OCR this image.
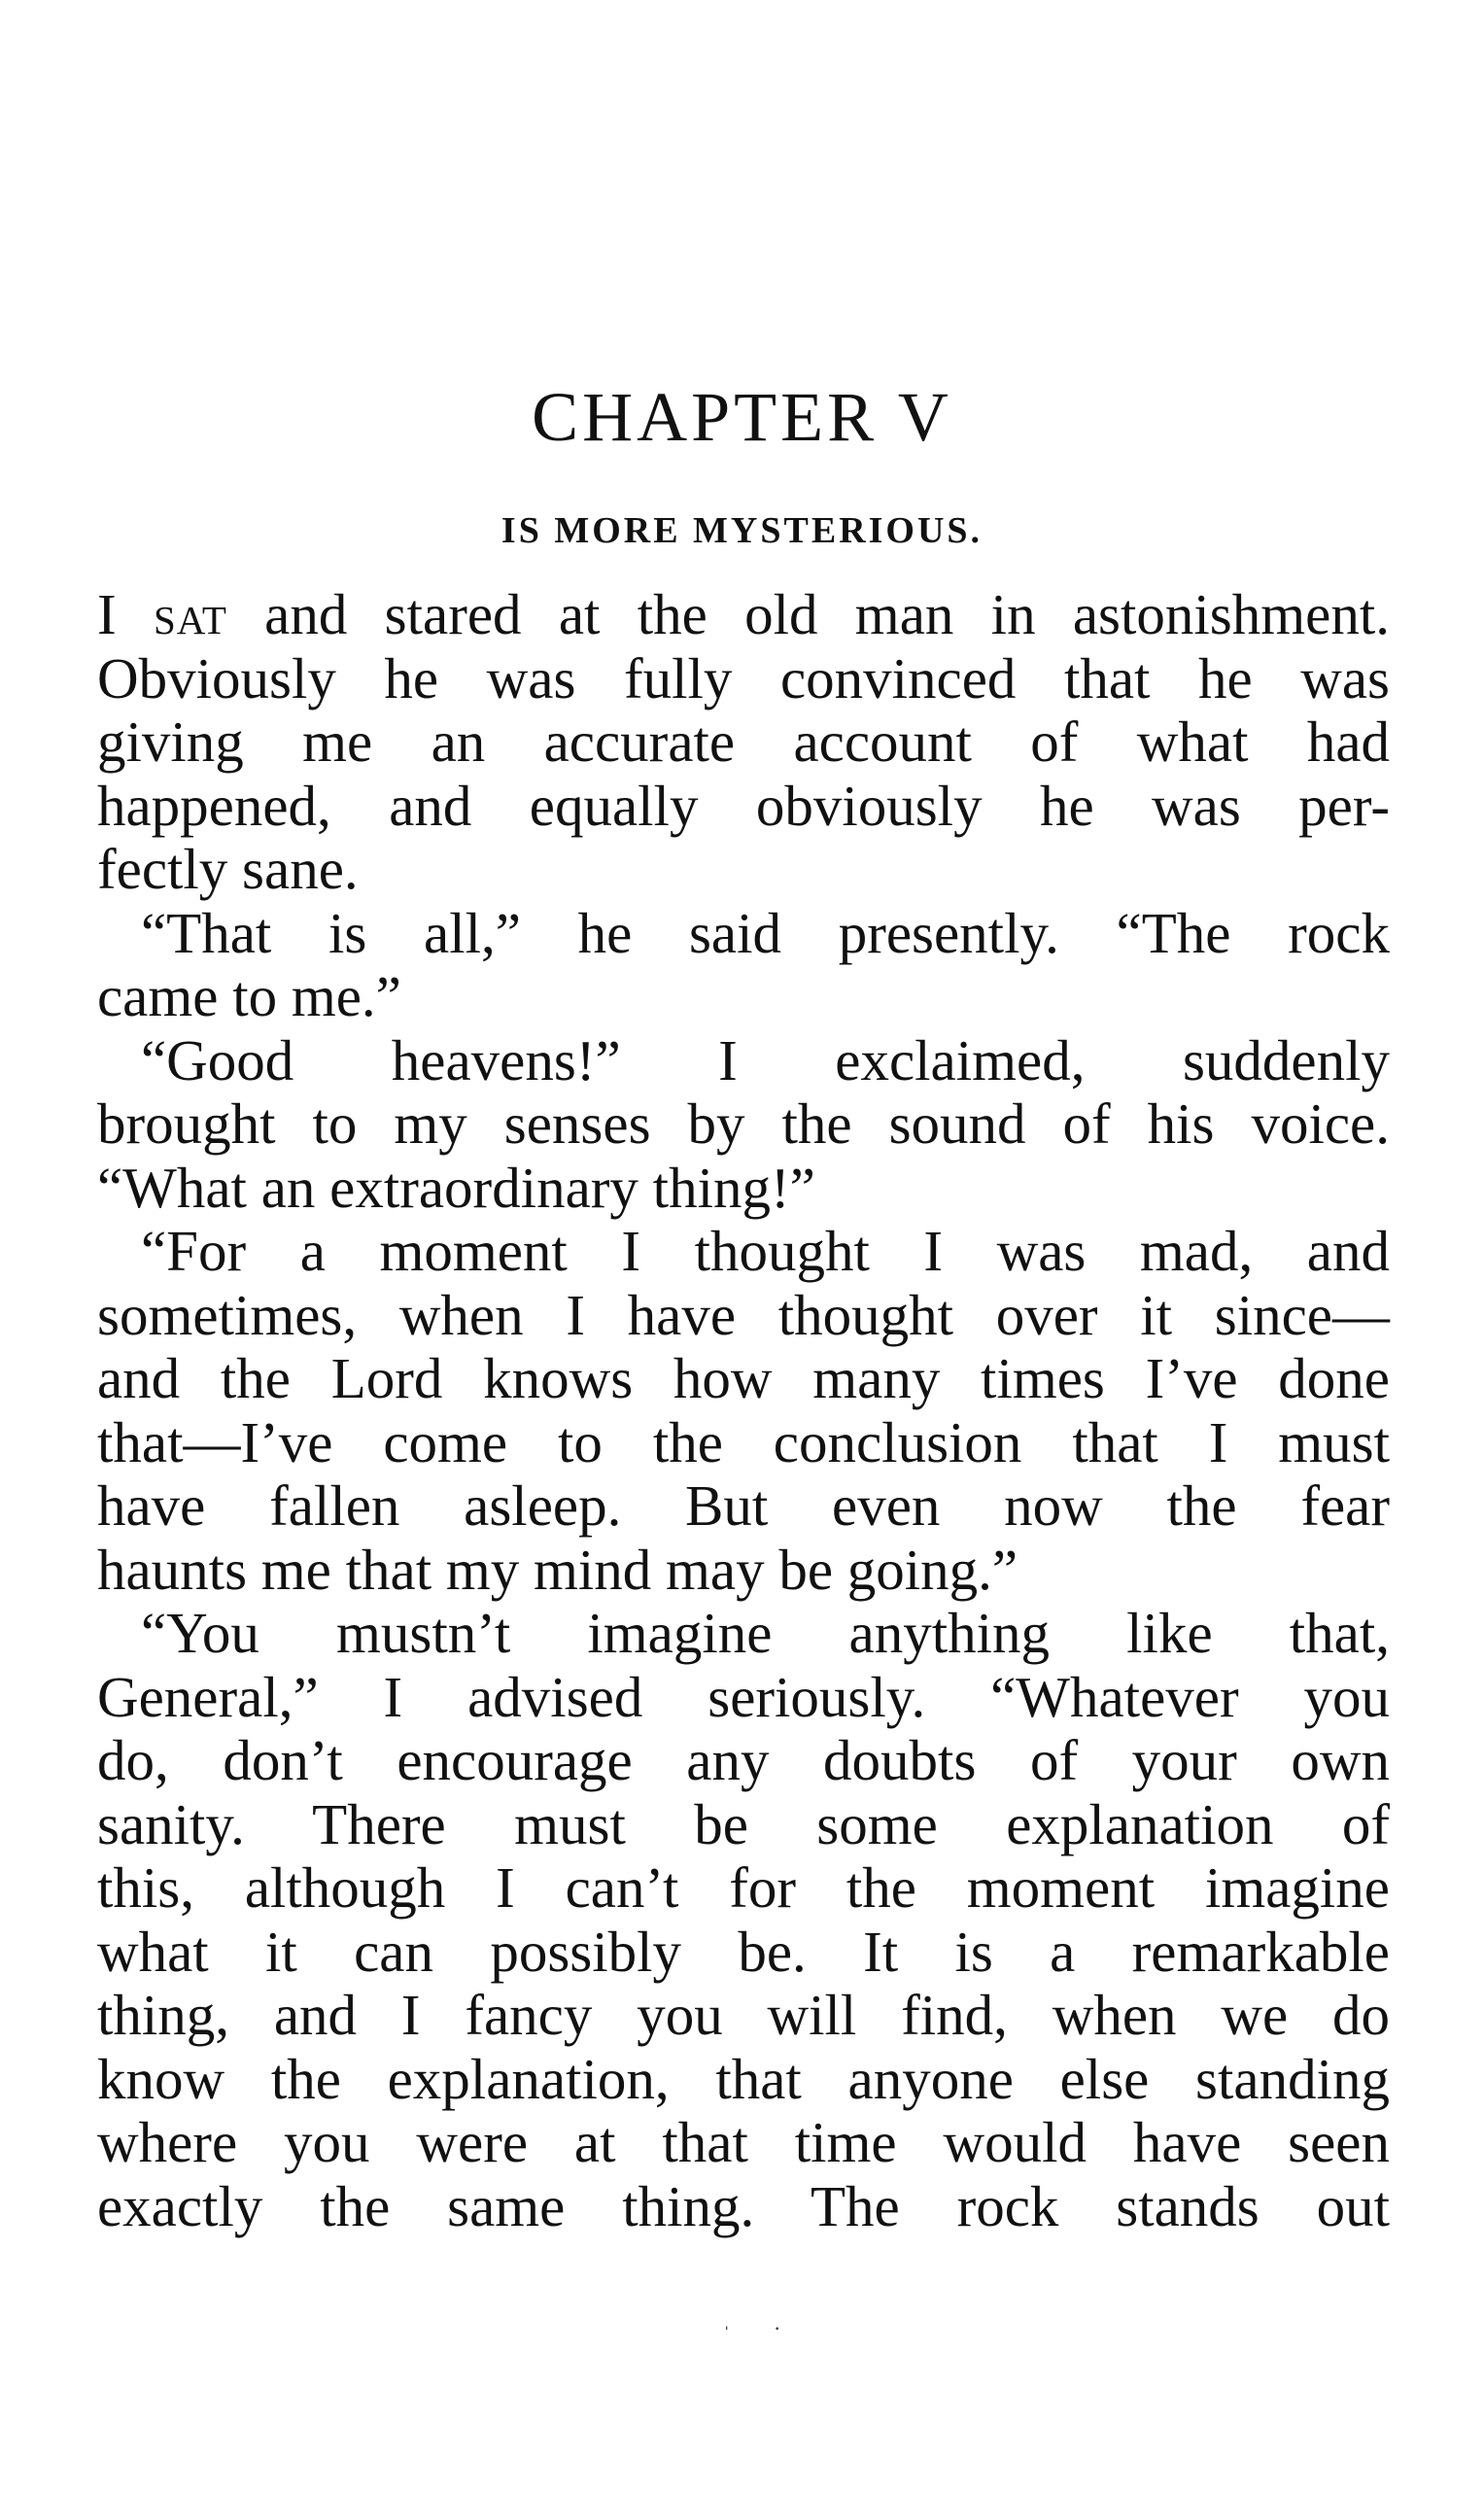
CHAPTER V
IS MORE MYSTERIOUS.
I sat and stared at the old man in astonishment.
Obviously he was fully convinced that he was
giving me an accurate account of what had
happened, and equally obviously he was per-
fectly sane.
“That is all,” he said presently. “The rock
came to me.”
“Good heavens!” I exclaimed, suddenly
brought to my senses by the sound of his voice.
“What an extraordinary thing!”
“For a moment I thought I was mad, and
sometimes, when I have thought over it since—
and the Lord knows how many times I’ve done
that—I’ve come to the conclusion that I must
have fallen asleep. But even now the fear
haunts me that my mind may be going.”
“You mustn’t imagine anything like that,
General,” I advised seriously. “Whatever you
do, don’t encourage any doubts of your own
sanity. There must be some explanation of
this, although I can’t for the moment imagine
what it can possibly be. It is a remarkable
thing, and I fancy you will find, when we do
know the explanation, that anyone else standing
where you were at that time would have seen
exactly the same thing. The rock stands out
ˌ ·
